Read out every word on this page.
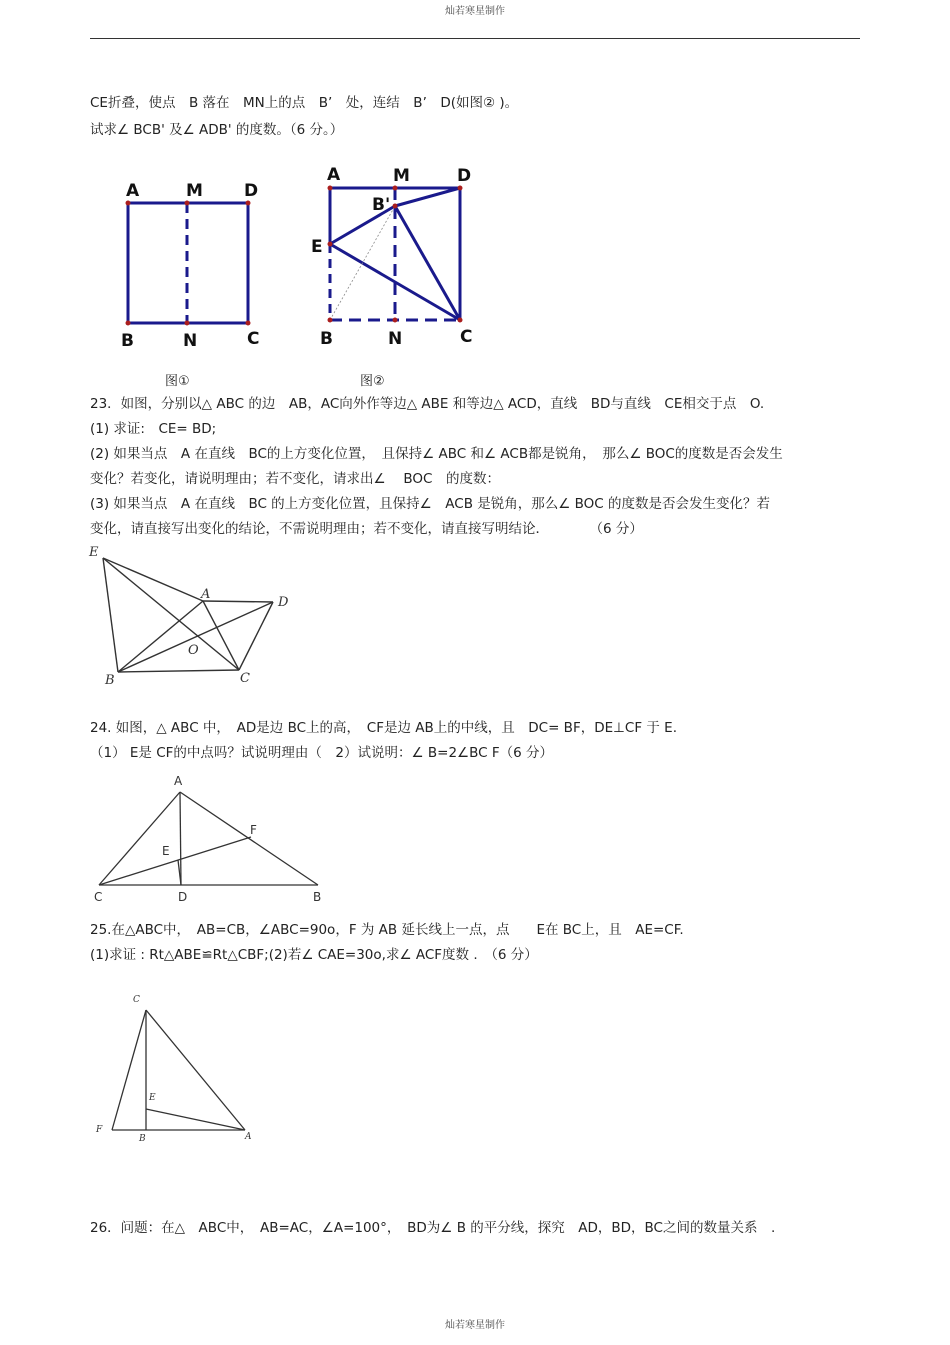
灿若寒星制作
CE折叠，使点　B 落在　MN上的点　B’　处，连结　B’　D(如图② )。
试求∠ BCB' 及∠ ADB' 的度数。（6 分。）
A	M D
B	N	C
A	M	D
B'
E
B	N	C
图①	图②
23．如图，分别以△ ABC 的边　AB，AC向外作等边△ ABE 和等边△ ACD，直线　BD与直线　CE相交于点　O.
(1) 求证:　CE= BD;
(2) 如果当点　A 在直线　BC的上方变化位置，　且保持∠ ABC 和∠ ACB都是锐角，　那么∠ BOC的度数是否会发生
变化？若变化，请说明理由；若不变化，请求出∠　 BOC　的度数：
(3) 如果当点　A 在直线　BC 的上方变化位置，且保持∠　ACB 是锐角，那么∠ BOC 的度数是否会发生变化？若
变化，请直接写出变化的结论，不需说明理由；若不变化，请直接写明结论．　　　　（6 分）
E
A
D
O
B	C
24. 如图，△ ABC 中，　AD是边 BC上的高，　CF是边 AB上的中线，且　DC= BF，DE⊥CF 于 E.
（1） E是 CF的中点吗？试说明理由（　2）试说明：∠ B=2∠BC F（6 分）
A
F
E
C	D	B
25.在△ABC中，　AB=CB，∠ABC=90o，F 为 AB 延长线上一点，点　　E在 BC上，且　AE=CF.
(1)求证 : Rt△ABE≌Rt△CBF;(2)若∠ CAE=30o,求∠ ACF度数 .　（6 分）
C
E
F
B	A
26．问题：在△　ABC中，　AB=AC，∠A=100°，　BD为∠ B 的平分线，探究　AD，BD，BC之间的数量关系　.
灿若寒星制作
